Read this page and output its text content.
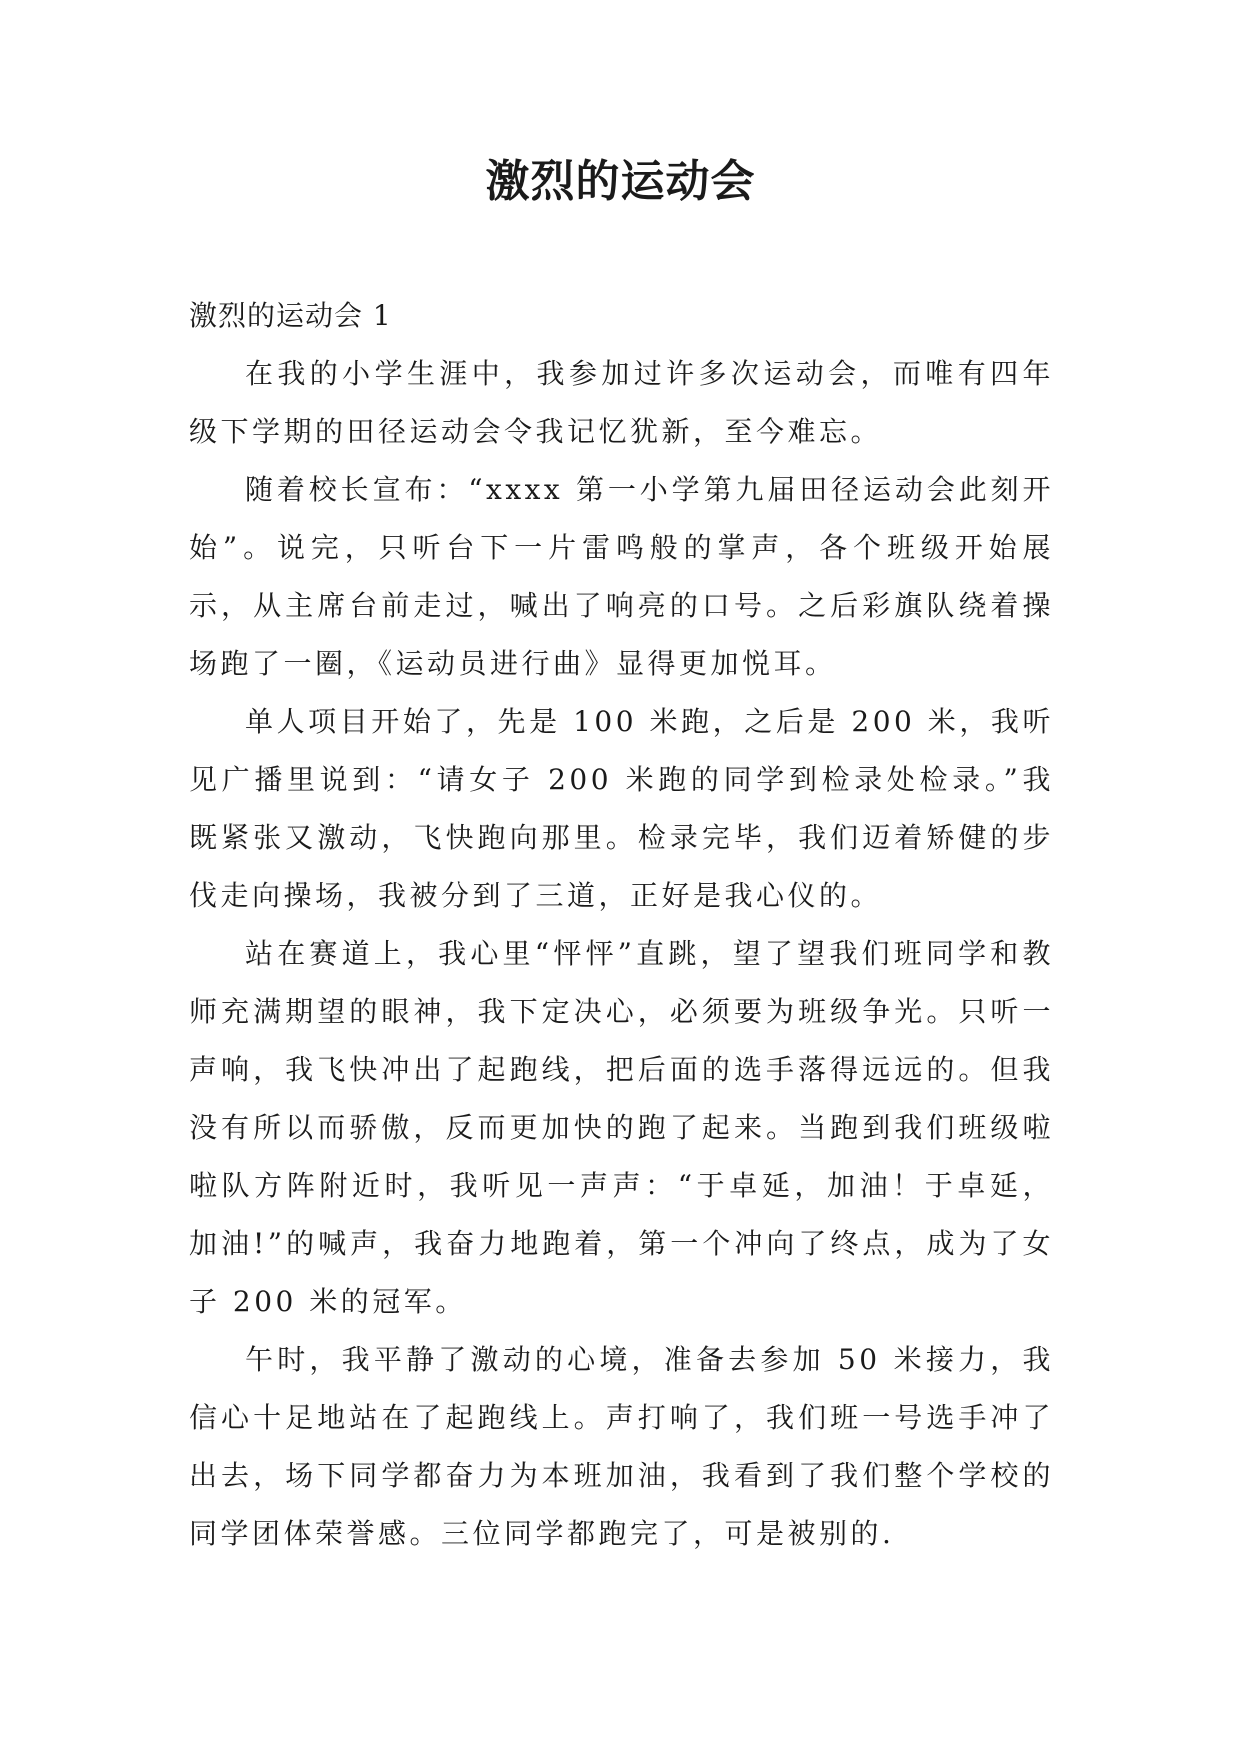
激烈的运动会
激烈的运动会 1

在我的小学生涯中，我参加过许多次运动会，而唯有四年级下学期的田径运动会令我记忆犹新，至今难忘。

随着校长宣布：“xxxx 第一小学第九届田径运动会此刻开始”。说完，只听台下一片雷鸣般的掌声，各个班级开始展示，从主席台前走过，喊出了响亮的口号。之后彩旗队绕着操场跑了一圈，《运动员进行曲》显得更加悦耳。

单人项目开始了，先是 100 米跑，之后是 200 米，我听见广播里说到：“请女子 200 米跑的同学到检录处检录。”我既紧张又激动，飞快跑向那里。检录完毕，我们迈着矫健的步伐走向操场，我被分到了三道，正好是我心仪的。

站在赛道上，我心里“怦怦”直跳，望了望我们班同学和教师充满期望的眼神，我下定决心，必须要为班级争光。只听一声响，我飞快冲出了起跑线，把后面的选手落得远远的。但我没有所以而骄傲，反而更加快的跑了起来。当跑到我们班级啦啦队方阵附近时，我听见一声声：“于卓延，加油！于卓延，加油!”的喊声，我奋力地跑着，第一个冲向了终点，成为了女子 200 米的冠军。

午时，我平静了激动的心境，准备去参加 50 米接力，我信心十足地站在了起跑线上。声打响了，我们班一号选手冲了出去，场下同学都奋力为本班加油，我看到了我们整个学校的同学团体荣誉感。三位同学都跑完了，可是被别的.
